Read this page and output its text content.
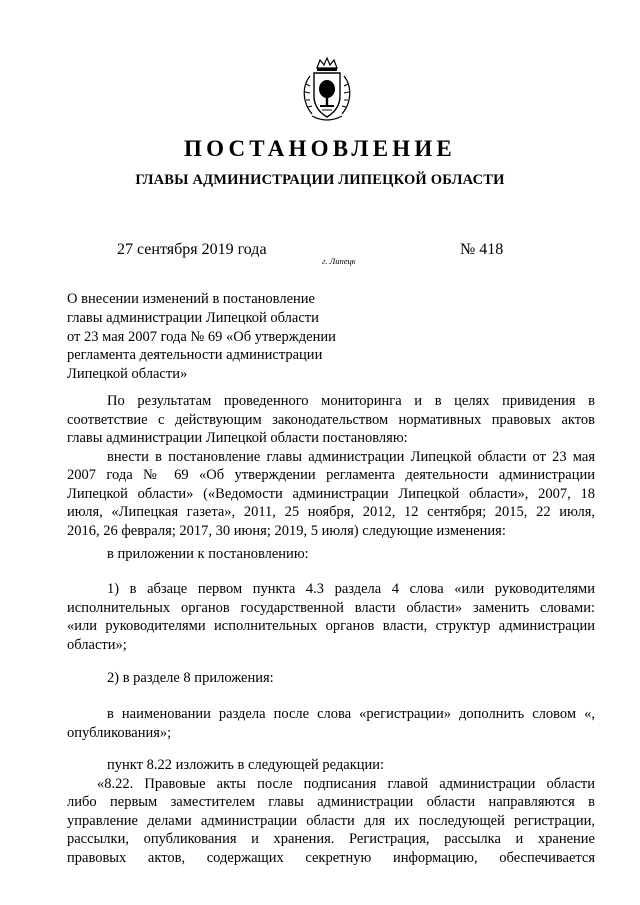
ПОСТАНОВЛЕНИЕ
ГЛАВЫ АДМИНИСТРАЦИИ ЛИПЕЦКОЙ ОБЛАСТИ
27 сентября 2019 года
г. Липецк
№ 418
О внесении изменений в постановление
главы администрации Липецкой области
от 23 мая 2007 года № 69 «Об утверждении
регламента деятельности администрации
Липецкой области»
По результатам проведенного мониторинга и в целях привидения в
соответствие с действующим законодательством нормативных правовых актов
главы администрации Липецкой области постановляю:
внести в постановление главы администрации Липецкой области от 23 мая
2007 года № 69 «Об утверждении регламента деятельности администрации
Липецкой области» («Ведомости администрации Липецкой области», 2007, 18
июля, «Липецкая газета», 2011, 25 ноября, 2012, 12 сентября; 2015, 22 июля,
2016, 26 февраля; 2017, 30 июня; 2019, 5 июля) следующие изменения:
в приложении к постановлению:
1) в абзаце первом пункта 4.3 раздела 4 слова «или руководителями
исполнительных органов государственной власти области» заменить словами:
«или руководителями исполнительных органов власти, структур администрации
области»;
2) в разделе 8 приложения:
в наименовании раздела после слова «регистрации» дополнить словом «,
опубликования»;
пункт 8.22 изложить в следующей редакции:
«8.22. Правовые акты после подписания главой администрации области
либо первым заместителем главы администрации области направляются в
управление делами администрации области для их последующей регистрации,
рассылки, опубликования и хранения. Регистрация, рассылка и хранение
правовых актов, содержащих секретную информацию, обеспечивается
